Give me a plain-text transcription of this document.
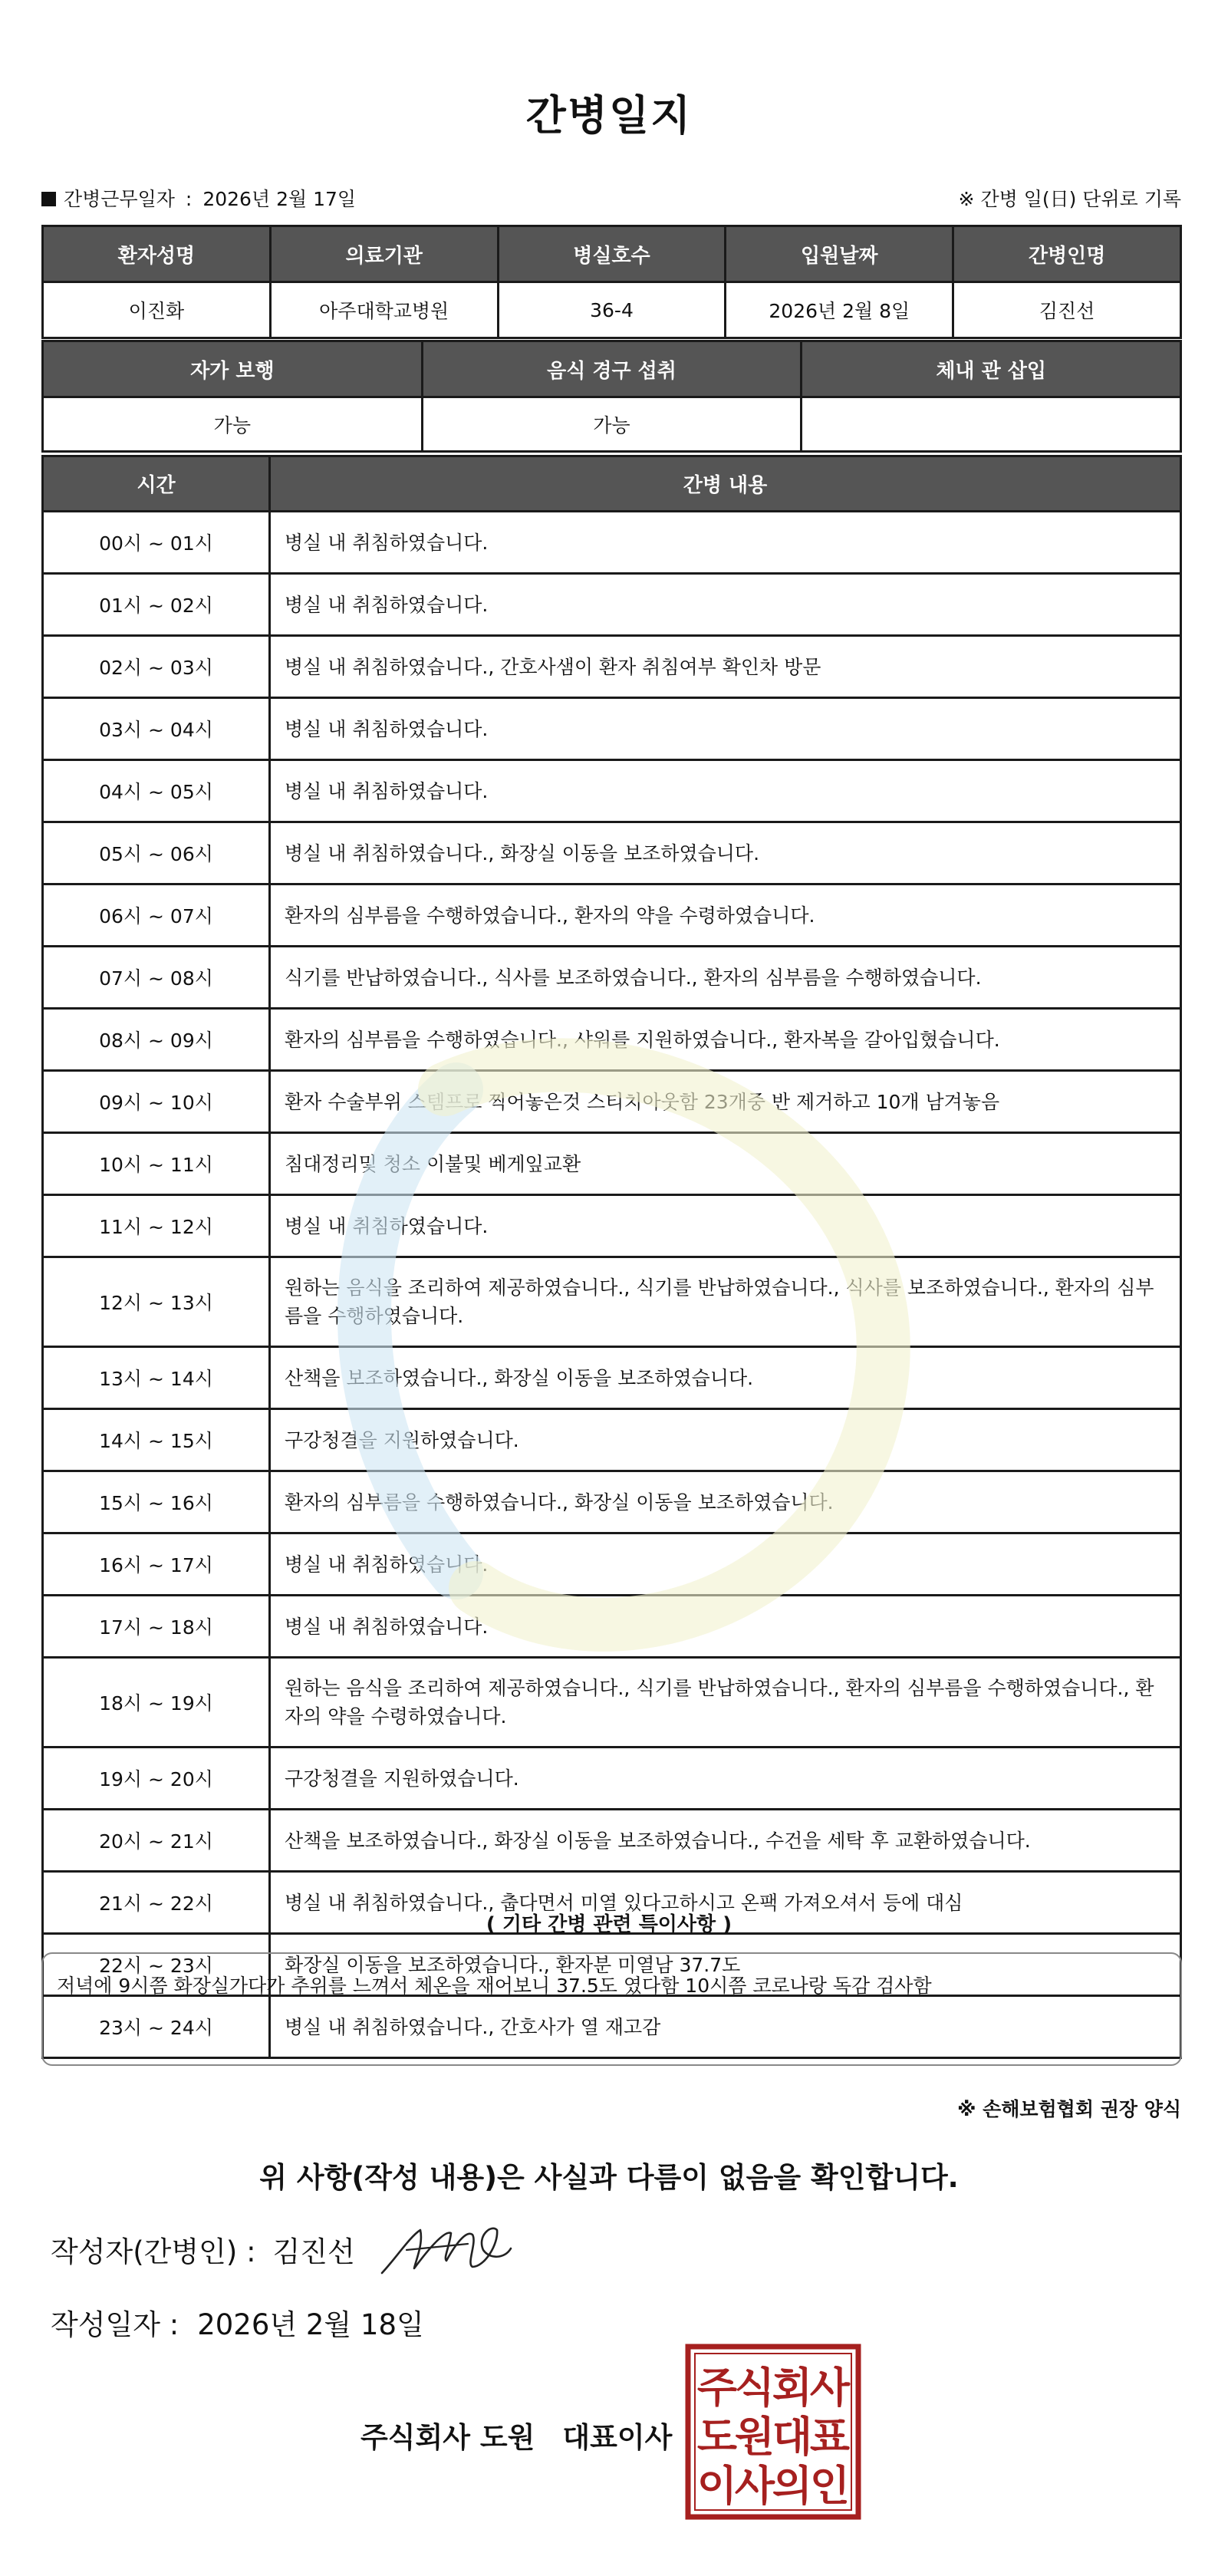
간병일지
간병근무일자 : 2026년 2월 17일	※ 간병 일(日) 단위로 기록
환자성명	의료기관	병실호수	입원날짜	간병인명
이진화	아주대학교병원	36-4	2026년 2월 8일	김진선
자가 보행	음식 경구 섭취	체내 관 삽입
가능	가능	
시간	간병 내용
00시 ~ 01시	병실 내 취침하였습니다.
01시 ~ 02시	병실 내 취침하였습니다.
02시 ~ 03시	병실 내 취침하였습니다., 간호사샘이 환자 취침여부 확인차 방문
03시 ~ 04시	병실 내 취침하였습니다.
04시 ~ 05시	병실 내 취침하였습니다.
05시 ~ 06시	병실 내 취침하였습니다., 화장실 이동을 보조하였습니다.
06시 ~ 07시	환자의 심부름을 수행하였습니다., 환자의 약을 수령하였습니다.
07시 ~ 08시	식기를 반납하였습니다., 식사를 보조하였습니다., 환자의 심부름을 수행하였습니다.
08시 ~ 09시	환자의 심부름을 수행하였습니다., 샤워를 지원하였습니다., 환자복을 갈아입혔습니다.
09시 ~ 10시	환자 수술부위 스템프로 찍어놓은것 스티치아웃함 23개중 반 제거하고 10개 남겨놓음
10시 ~ 11시	침대정리및 청소 이불및 베게잎교환
11시 ~ 12시	병실 내 취침하였습니다.
12시 ~ 13시	원하는 음식을 조리하여 제공하였습니다., 식기를 반납하였습니다., 식사를 보조하였습니다., 환자의 심부름을 수행하였습니다.
13시 ~ 14시	산책을 보조하였습니다., 화장실 이동을 보조하였습니다.
14시 ~ 15시	구강청결을 지원하였습니다.
15시 ~ 16시	환자의 심부름을 수행하였습니다., 화장실 이동을 보조하였습니다.
16시 ~ 17시	병실 내 취침하였습니다.
17시 ~ 18시	병실 내 취침하였습니다.
18시 ~ 19시	원하는 음식을 조리하여 제공하였습니다., 식기를 반납하였습니다., 환자의 심부름을 수행하였습니다., 환자의 약을 수령하였습니다.
19시 ~ 20시	구강청결을 지원하였습니다.
20시 ~ 21시	산책을 보조하였습니다., 화장실 이동을 보조하였습니다., 수건을 세탁 후 교환하였습니다.
21시 ~ 22시	병실 내 취침하였습니다., 춥다면서 미열 있다고하시고 온팩 가져오셔서 등에 대심
22시 ~ 23시	화장실 이동을 보조하였습니다., 환자분 미열남 37.7도
23시 ~ 24시	병실 내 취침하였습니다., 간호사가 열 재고감
( 기타 간병 관련 특이사항 )
저녁에 9시쯤 화장실가다가 추위를 느껴서 체온을 재어보니 37.5도 였다함 10시쯤 코로나랑 독감 검사함
※ 손해보험협회 권장 양식
위 사항(작성 내용)은 사실과 다름이 없음을 확인합니다.
작성자(간병인) : 김진선
작성일자 : 2026년 2월 18일
주식회사 도원 대표이사
주
식
회
사
도
원
대
표
이
사
의
인
